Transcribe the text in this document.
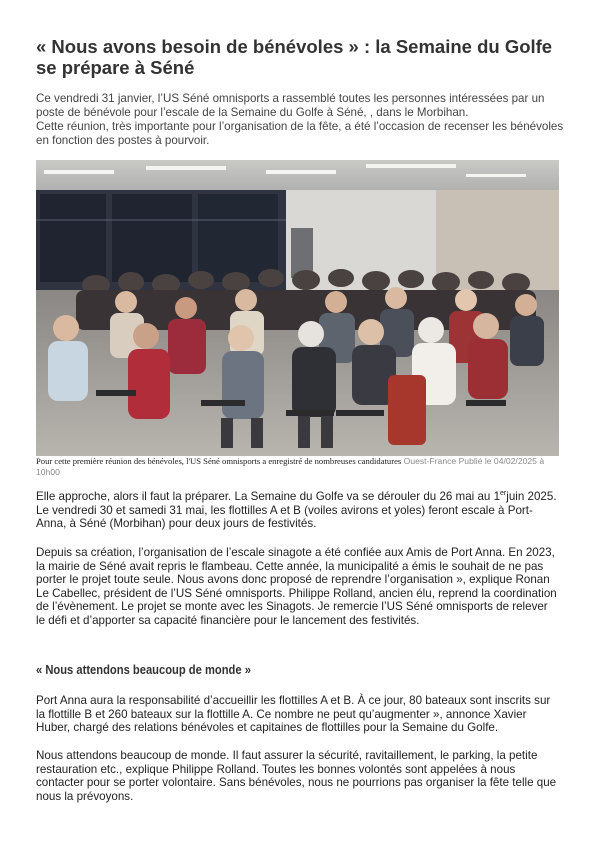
« Nous avons besoin de bénévoles » : la Semaine du Golfe se prépare à Séné
Ce vendredi 31 janvier, l’US Séné omnisports a rassemblé toutes les personnes intéressées par un poste de bénévole pour l’escale de la Semaine du Golfe à Séné, , dans le Morbihan.
Cette réunion, très importante pour l’organisation de la fête, a été l’occasion de recenser les bénévoles en fonction des postes à pourvoir.

Pour cette première réunion des bénévoles, l'US Séné omnisports a enregistré de nombreuses candidatures Ouest-France Publié le 04/02/2025 à 10h00

Elle approche, alors il faut la préparer. La Semaine du Golfe va se dérouler du 26 mai au 1erjuin 2025. Le vendredi 30 et samedi 31 mai, les flottilles A et B (voiles avirons et yoles) feront escale à Port-Anna, à Séné (Morbihan) pour deux jours de festivités.

Depuis sa création, l’organisation de l’escale sinagote a été confiée aux Amis de Port Anna. En 2023, la mairie de Séné avait repris le flambeau. Cette année, la municipalité a émis le souhait de ne pas porter le projet toute seule. Nous avons donc proposé de reprendre l’organisation », explique Ronan Le Cabellec, président de l’US Séné omnisports. Philippe Rolland, ancien élu, reprend la coordination de l’évènement. Le projet se monte avec les Sinagots. Je remercie l’US Séné omnisports de relever le défi et d’apporter sa capacité financière pour le lancement des festivités.

« Nous attendons beaucoup de monde »

Port Anna aura la responsabilité d’accueillir les flottilles A et B. À ce jour, 80 bateaux sont inscrits sur la flottille B et 260 bateaux sur la flottille A. Ce nombre ne peut qu’augmenter », annonce Xavier Huber, chargé des relations bénévoles et capitaines de flottilles pour la Semaine du Golfe.

Nous attendons beaucoup de monde. Il faut assurer la sécurité, ravitaillement, le parking, la petite restauration etc., explique Philippe Rolland. Toutes les bonnes volontés sont appelées à nous contacter pour se porter volontaire. Sans bénévoles, nous ne pourrions pas organiser la fête telle que nous la prévoyons.
